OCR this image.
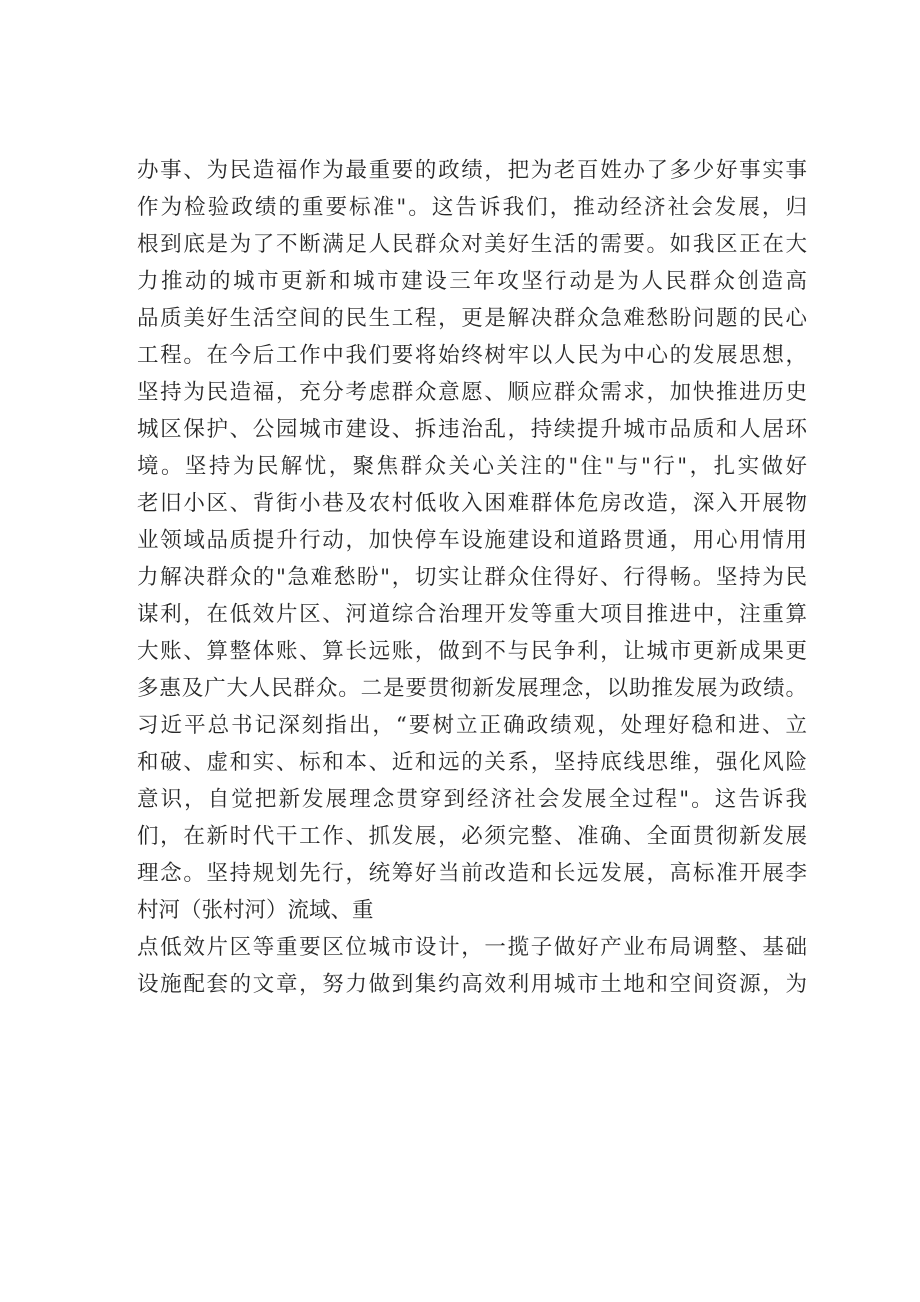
办事、为民造福作为最重要的政绩，把为老百姓办了多少好事实事
作为检验政绩的重要标准"。这告诉我们，推动经济社会发展，归
根到底是为了不断满足人民群众对美好生活的需要。如我区正在大
力推动的城市更新和城市建设三年攻坚行动是为人民群众创造高
品质美好生活空间的民生工程，更是解决群众急难愁盼问题的民心
工程。在今后工作中我们要将始终树牢以人民为中心的发展思想，
坚持为民造福，充分考虑群众意愿、顺应群众需求，加快推进历史
城区保护、公园城市建设、拆违治乱，持续提升城市品质和人居环
境。坚持为民解忧，聚焦群众关心关注的"住"与"行"，扎实做好
老旧小区、背街小巷及农村低收入困难群体危房改造，深入开展物
业领域品质提升行动，加快停车设施建设和道路贯通，用心用情用
力解决群众的"急难愁盼"，切实让群众住得好、行得畅。坚持为民
谋利，在低效片区、河道综合治理开发等重大项目推进中，注重算
大账、算整体账、算长远账，做到不与民争利，让城市更新成果更
多惠及广大人民群众。二是要贯彻新发展理念，以助推发展为政绩。
习近平总书记深刻指出，“要树立正确政绩观，处理好稳和进、立
和破、虚和实、标和本、近和远的关系，坚持底线思维，强化风险
意识，自觉把新发展理念贯穿到经济社会发展全过程"。这告诉我
们，在新时代干工作、抓发展，必须完整、准确、全面贯彻新发展
理念。坚持规划先行，统筹好当前改造和长远发展，高标准开展李
村河（张村河）流域、重
点低效片区等重要区位城市设计，一揽子做好产业布局调整、基础
设施配套的文章，努力做到集约高效利用城市土地和空间资源，为
